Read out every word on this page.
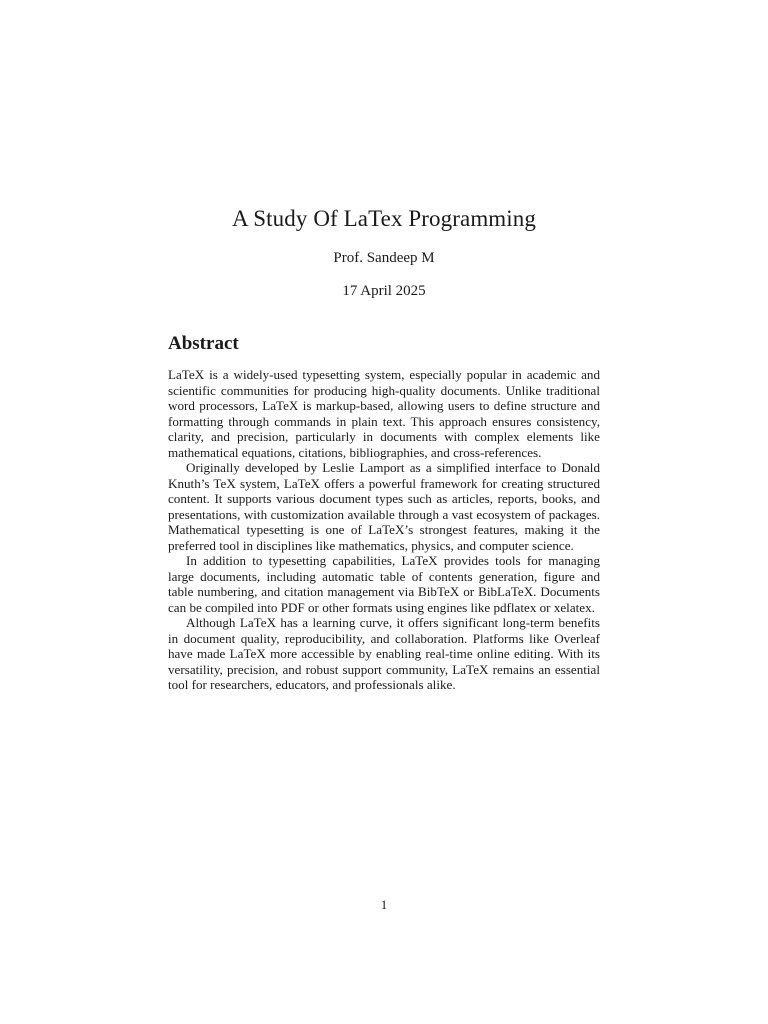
A Study Of LaTex Programming
Prof. Sandeep M
17 April 2025
Abstract

LaTeX is a widely-used typesetting system, especially popular in academic and scientific communities for producing high-quality documents. Unlike traditional word processors, LaTeX is markup-based, allowing users to define structure and formatting through commands in plain text. This approach ensures consistency, clarity, and precision, particularly in documents with complex elements like mathematical equations, citations, bibliographies, and cross-references.

Originally developed by Leslie Lamport as a simplified interface to Donald Knuth’s TeX system, LaTeX offers a powerful framework for creating structured content. It supports various document types such as articles, reports, books, and presentations, with customization available through a vast ecosystem of packages. Mathematical typesetting is one of LaTeX’s strongest features, making it the preferred tool in disciplines like mathematics, physics, and computer science.

In addition to typesetting capabilities, LaTeX provides tools for managing large documents, including automatic table of contents generation, figure and table numbering, and citation management via BibTeX or BibLaTeX. Documents can be compiled into PDF or other formats using engines like pdflatex or xelatex.

Although LaTeX has a learning curve, it offers significant long-term benefits in document quality, reproducibility, and collaboration. Platforms like Overleaf have made LaTeX more accessible by enabling real-time online editing. With its versatility, precision, and robust support community, LaTeX remains an essential tool for researchers, educators, and professionals alike.

1
